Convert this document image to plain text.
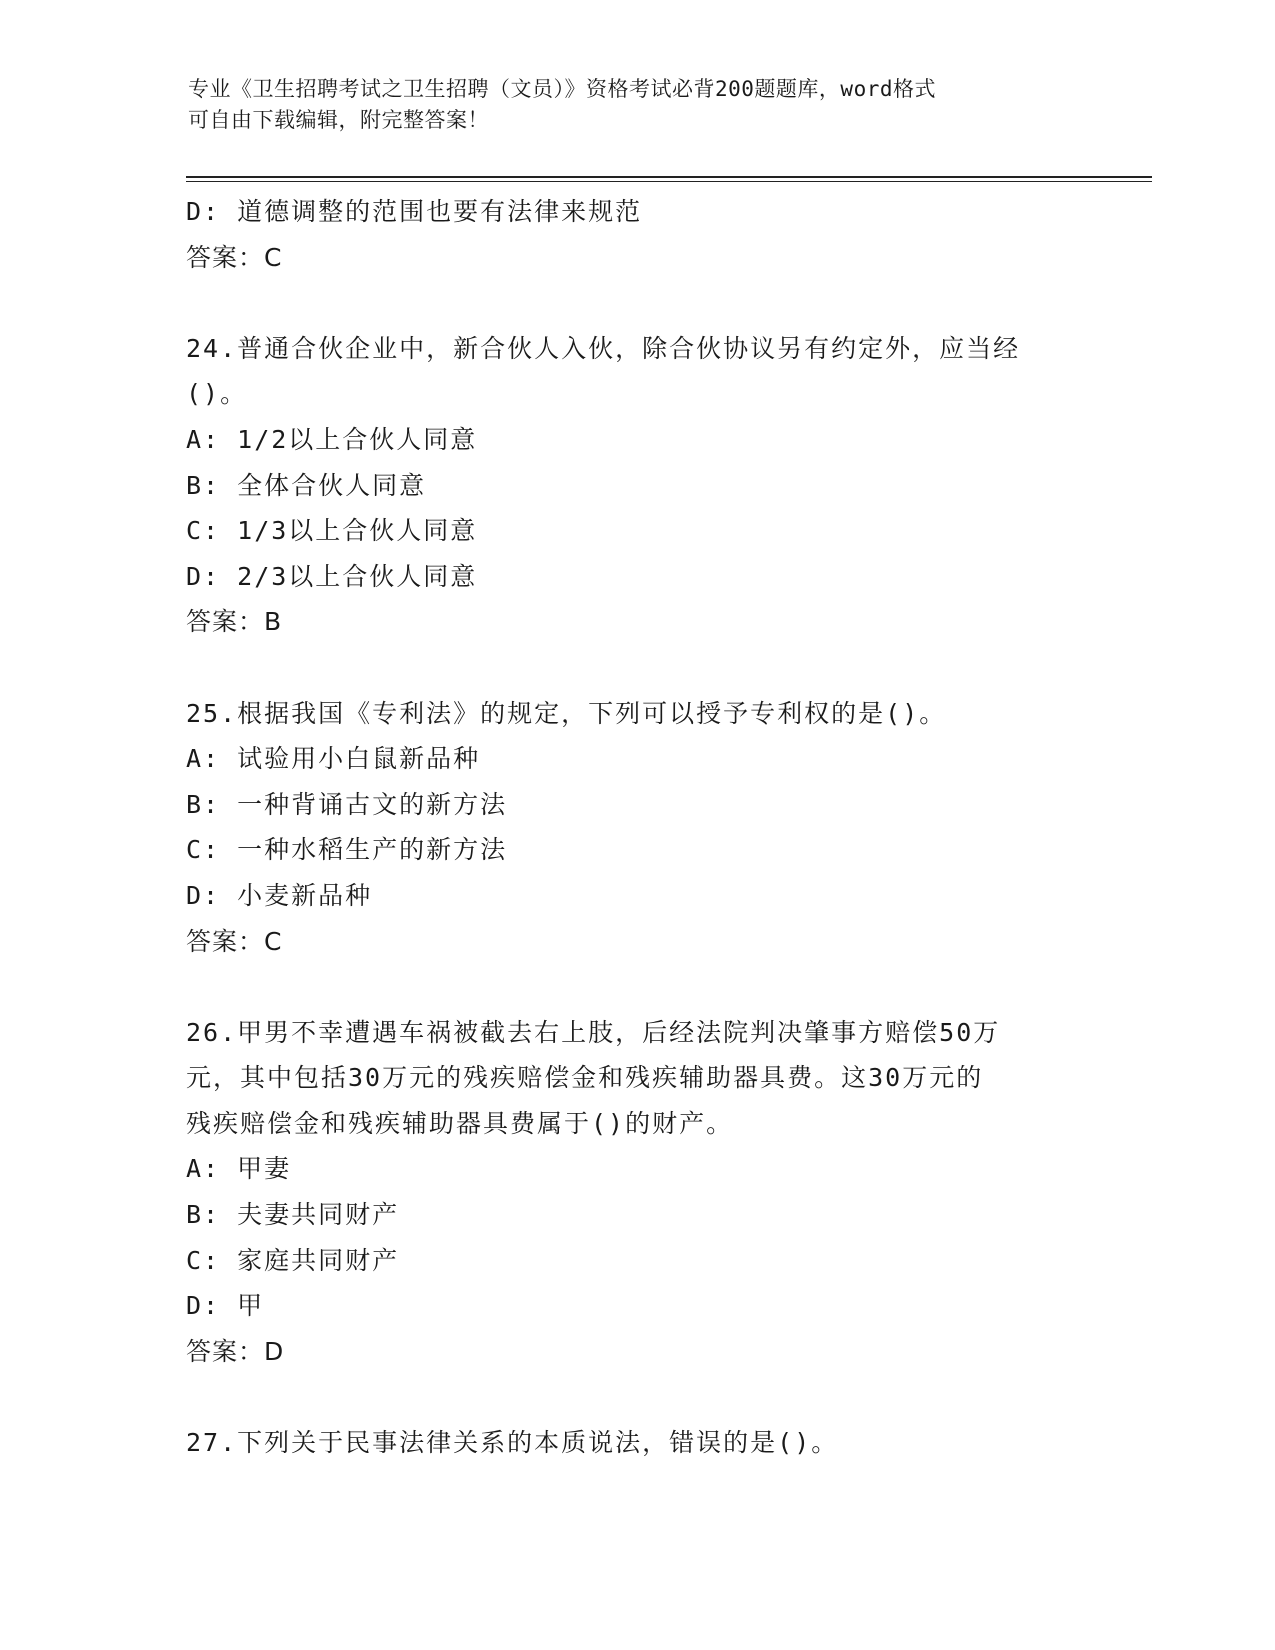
专业《卫生招聘考试之卫生招聘（文员）》资格考试必背200题题库，word格式
可自由下载编辑，附完整答案！
D: 道德调整的范围也要有法律来规范
答案：C
24.普通合伙企业中，新合伙人入伙，除合伙协议另有约定外，应当经
()。
A: 1/2以上合伙人同意
B: 全体合伙人同意
C: 1/3以上合伙人同意
D: 2/3以上合伙人同意
答案：B
25.根据我国《专利法》的规定，下列可以授予专利权的是()。
A: 试验用小白鼠新品种
B: 一种背诵古文的新方法
C: 一种水稻生产的新方法
D: 小麦新品种
答案：C
26.甲男不幸遭遇车祸被截去右上肢，后经法院判决肇事方赔偿50万
元，其中包括30万元的残疾赔偿金和残疾辅助器具费。这30万元的
残疾赔偿金和残疾辅助器具费属于()的财产。
A: 甲妻
B: 夫妻共同财产
C: 家庭共同财产
D: 甲
答案：D
27.下列关于民事法律关系的本质说法，错误的是()。
